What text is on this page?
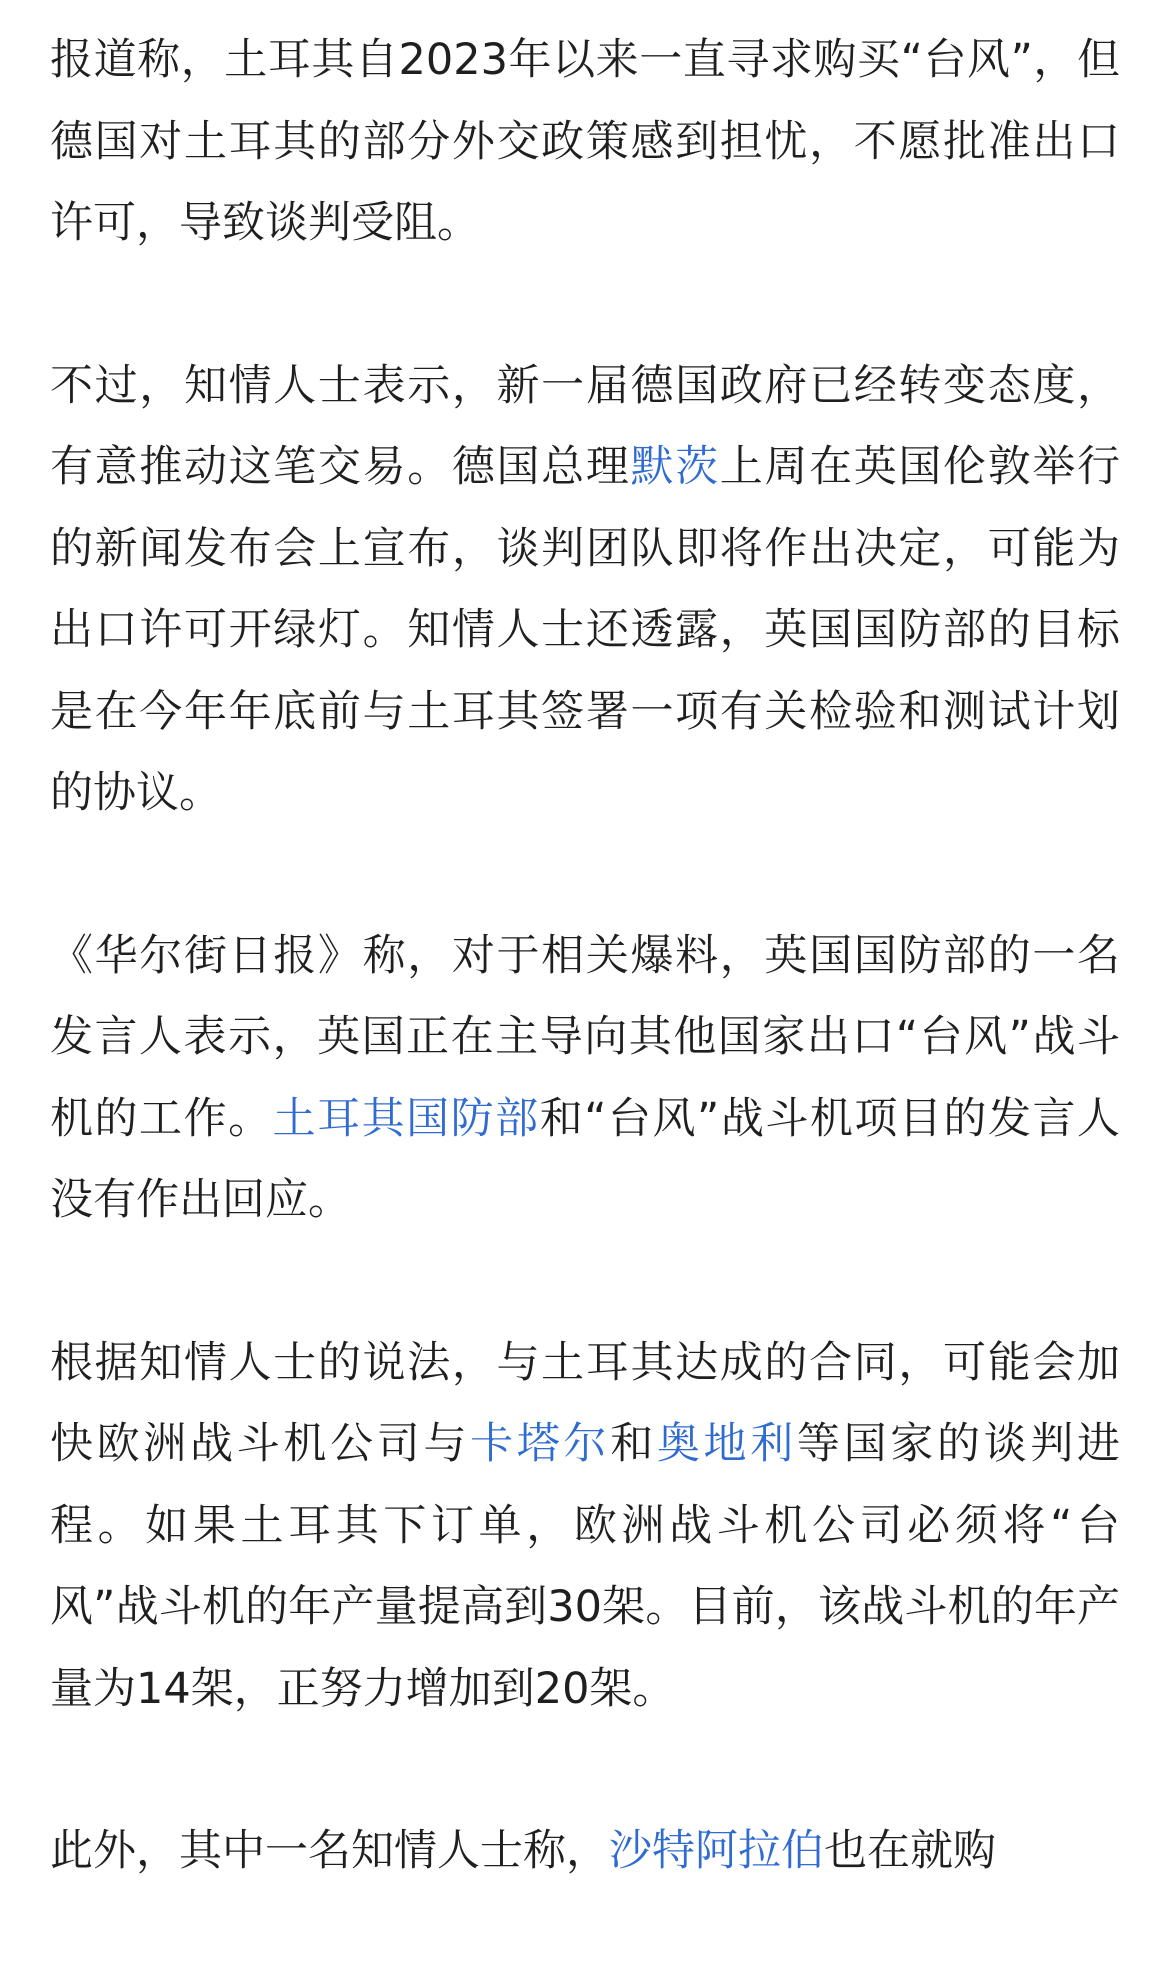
报道称，土耳其自2023年以来一直寻求购买“台风”，但德国对土耳其的部分外交政策感到担忧，不愿批准出口许可，导致谈判受阻。

不过，知情人士表示，新一届德国政府已经转变态度，有意推动这笔交易。德国总理默茨上周在英国伦敦举行的新闻发布会上宣布，谈判团队即将作出决定，可能为出口许可开绿灯。知情人士还透露，英国国防部的目标是在今年年底前与土耳其签署一项有关检验和测试计划的协议。

《华尔街日报》称，对于相关爆料，英国国防部的一名发言人表示，英国正在主导向其他国家出口“台风”战斗机的工作。土耳其国防部和“台风”战斗机项目的发言人没有作出回应。

根据知情人士的说法，与土耳其达成的合同，可能会加快欧洲战斗机公司与卡塔尔和奥地利等国家的谈判进程。如果土耳其下订单，欧洲战斗机公司必须将“台风”战斗机的年产量提高到30架。目前，该战斗机的年产量为14架，正努力增加到20架。

此外，其中一名知情人士称，沙特阿拉伯也在就购
